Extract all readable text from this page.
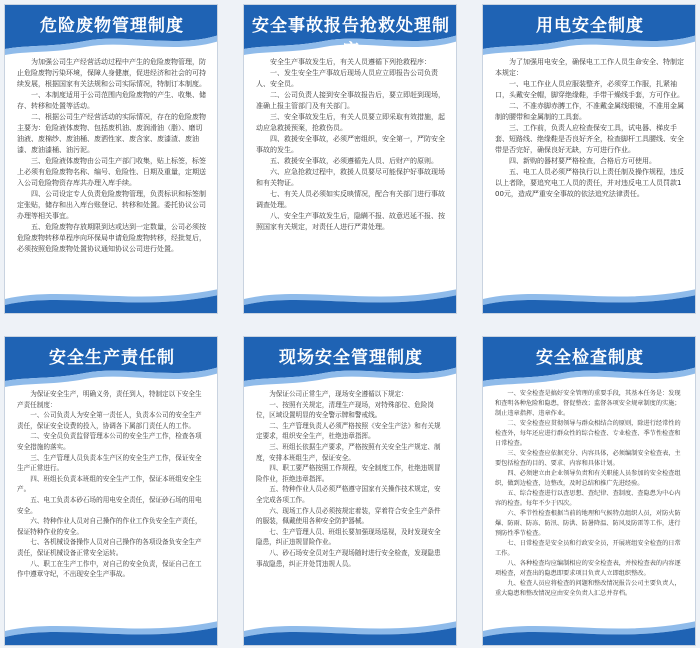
危险废物管理制度

为加强公司生产经营活动过程中产生的危险废物管理，防止危险废物污染环境，保障人身健康，促进经济和社会的可持续发展，根据国家有关法规和公司实际情况，特制订本制度。

一、本制度适用于公司范围内危险废物的产生、收集、储存、转移和处置等活动。

二、根据公司生产经营活动的实际情况，存在的危险废物主要为：危险液体废物、包括废机油、废润滑油（脂）、磨切油液、废棉纱、废油桶、废洒性家、废含家、废漆渣、废油漆、废油漆桶、油污泥。

三、危险液体废物由公司生产部门收集，贴上标签，标签上必须有危险废物名称、编号、危险性、日期及重量，定期送入公司危险物资存库共办理入库手续。

四、公司设定专人负责危险废物管理，负责标识和标签制定张贴，储存和出入库台账登记、转移和处置。委托协议公司办理等相关事宜。

五、危险废物存放期限到达或达到一定数量，公司必须按危险废物转移单程序向环保局申请危险废物转移，经批复后，必须按照危险废物处置协议通知协议公司进行处置。

安全事故报告抢救处理制度

安全生产事故发生后，有关人员遵循下列抢救程序：

一、发生安全生产事故后现场人员应立即报告公司负责人、安全员。

二、公司负责人接到安全事故报告后，要立即赶到现场，准确上报主管部门及有关部门。

三、安全事故发生后，有关人员要立即采取有效措施，起动应急救援预案，抢救伤员。

四、救援安全事故，必须严密组织，安全第一，严防安全事故的发生。

五、救援安全事故，必须遵循先人员、后财产的原则。

六、应急抢救过程中，救援人员要尽可能保护好事故现场和有关物证。

七、有关人员必须如实反映情况，配合有关部门进行事故调查处理。

八、安全生产事故发生后，隐瞒不报、故意迟延不报、按照国家有关规定，对责任人进行严肃处理。

用电安全制度

为了加强用电安全，确保电工工作人员生命安全、特制定本规定：

一、电工作业人员应服装整齐，必须穿工作服，扎紧袖口，头戴安全帽，脚穿绝缘鞋，手带干燥线手套，方可作业。

二、不准赤脚赤膊工作，不准戴金属线眼镜，不准用金属制的腰带和金属制的工具套。

三、工作前，负责人应检查保安工具，试电器、梯皮手套、短路线、绝缘鞋是否良好齐全，检查脚杆工具腰线、安全带是否完好，确保良好无缺，方可进行作业。

四、新购的器材要严格检查，合格后方可使用。

五、电工人员必须严格执行以上责任制及操作规程，违反以上者除，要追究电工人员的责任，并对违反电工人员罚款100元，造成严重安全事故的依法追究法律责任。

安全生产责任制

为保证安全生产，明确义务，责任到人，特制定以下安全生产责任制度：

一、公司负责人为安全第一责任人，负责本公司的安全生产责任，保证安全设费的投入，协调各下属部门责任人的工作。

二、安全员负责监督管理本公司的安全生产工作，检查各项安全措施的落实。

三、生产管理人员负责本生产区的安全生产工作，保证安全生产正常进行。

四、班组长负责本班组的安全生产工作，保证本班组安全生产。

五、电工负责本砂石场的用电安全责任，保证砂石场的用电安全。

六、特种作业人员对自己操作的作业工作负安全生产责任，保证特种作业的安全。

七、各机械设备操作人员对自己操作的各项设备负安全生产责任，保证机械设备正常安全运转。

八、职工在生产工作中，对自己的安全负责，保证自己在工作中遵章守纪，不出现安全生产事故。

现场安全管理制度

为保证公司正常生产，现场安全遵循以下规定：

一、按照有关规定，清理生产现场，对特殊部位、危险岗位，区域设置明显的安全警示牌和警戒线。

二、生产管理负责人必须严格按照《安全生产法》和有关规定要求，组织安全生产，杜绝违章指挥。

三、班组长依据生产要求，严格按照有关安全生产规定、制度，安排本班组生产，保证安全。

四、职工要严格按照工作规程，安全制度工作，杜绝违规冒险作业，拒绝违章指挥。

五、特种作业人员必须严格遵守国家有关操作技术规定，安全完成各项工作。

六、现场工作人员必须按规定着装，穿着符合安全生产条件的服装，佩戴使用各种安全防护器械。

七、生产管理人员、班组长要加强现场巡视，及时发现安全隐患，纠正违规冒险作业。

八、砂石场安全员对生产现场随时进行安全检查，发现隐患事故隐患，纠正并处罚违规人员。

安全检查制度

一、安全检查是搞好安全管理的重要手段，其基本任务是：发现和查明各种危险和隐患，督促整改；监督各项安全规章制度的实施；制止违章指挥、违章作业。

二、安全检查应贯彻领导与群众相结合的原则，除进行经常性的检查外，每年还应进行群众性的综合检查、专业检查、季节性检查和日常检查。

三、安全检查应依据充分、内容具体，必须编制安全检查表，主要包括检查的目的、要求、内容和具体计划。

四、必须建立由企业领导负责和有关职能人员参加的安全检查组织，做到边检查，边整改，及时总结和推广先进经验。

五、综合检查进行以查思想、查纪律、查制度、查隐患为中心内容的检查。每年不少于四次。

六、季节性检查根据当前的地理和气候特点组织人员，对防火防爆、防雨、防冻、防汛、防洪、防暑降温、防风及防雷等工作，进行预防性季节检查。

七、日常检查是安全员和行政安全员，开展班组安全检查的日常工作。

八、各种检查均应编制相应的安全检查表，并按检查表的内容逐项检查，对查出的隐患即要求项目负责人立即组织整改。

九、检查人员应将检查的问题和整改情况报告公司主要负责人，重大隐患和整改情况应由安全负责人汇总并存档。
